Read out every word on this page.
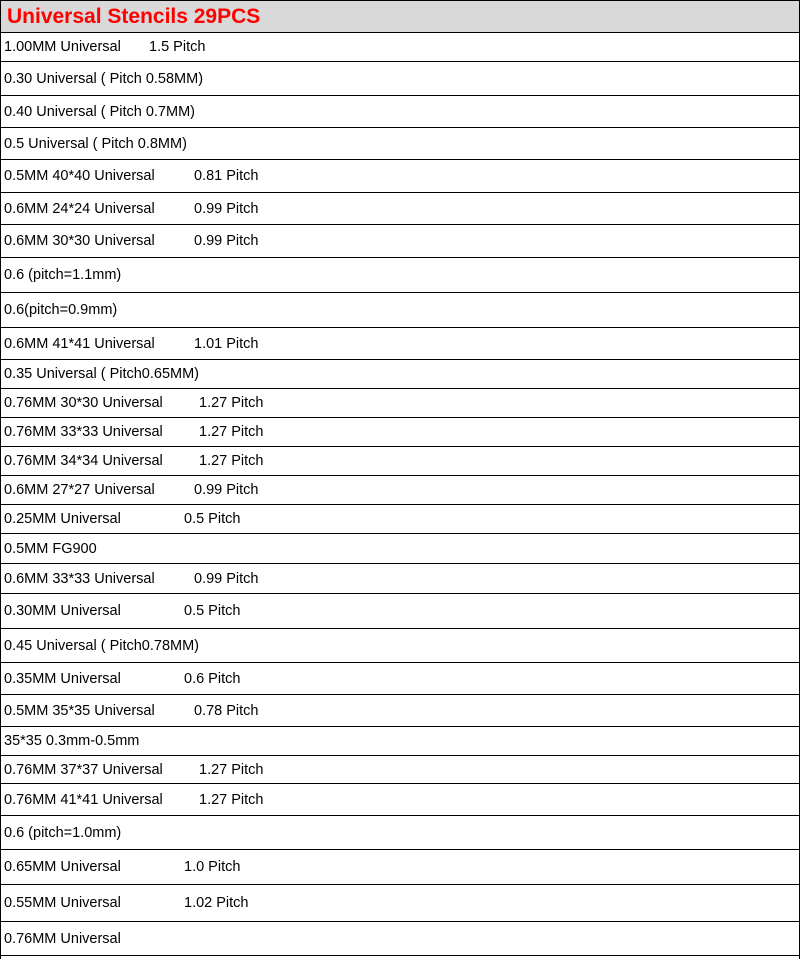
Universal Stencils 29PCS
1.00MM Universal	1.5 Pitch
0.30 Universal ( Pitch 0.58MM)
0.40 Universal ( Pitch 0.7MM)
0.5 Universal ( Pitch 0.8MM)
0.5MM 40*40 Universal	0.81 Pitch
0.6MM 24*24 Universal	0.99 Pitch
0.6MM 30*30 Universal	0.99 Pitch
0.6 (pitch=1.1mm)
0.6(pitch=0.9mm)
0.6MM 41*41 Universal	1.01 Pitch
0.35 Universal ( Pitch0.65MM)
0.76MM 30*30 Universal	1.27 Pitch
0.76MM 33*33 Universal	1.27 Pitch
0.76MM 34*34 Universal	1.27 Pitch
0.6MM 27*27 Universal	0.99 Pitch
0.25MM Universal	0.5 Pitch
0.5MM FG900
0.6MM 33*33 Universal	0.99 Pitch
0.30MM Universal	0.5 Pitch
0.45 Universal ( Pitch0.78MM)
0.35MM Universal	0.6 Pitch
0.5MM 35*35 Universal	0.78 Pitch
35*35 0.3mm-0.5mm
0.76MM 37*37 Universal	1.27 Pitch
0.76MM 41*41 Universal	1.27 Pitch
0.6 (pitch=1.0mm)
0.65MM Universal	1.0 Pitch
0.55MM Universal	1.02 Pitch
0.76MM Universal
